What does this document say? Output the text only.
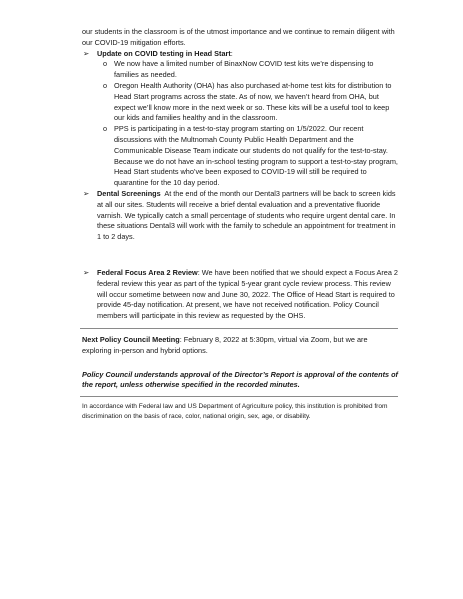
our students in the classroom is of the utmost importance and we continue to remain diligent with our COVID-19 mitigation efforts.

➢ Update on COVID testing in Head Start:

o We now have a limited number of BinaxNow COVID test kits we’re dispensing to families as needed.
o Oregon Health Authority (OHA) has also purchased at-home test kits for distribution to Head Start programs across the state. As of now, we haven’t heard from OHA, but expect we’ll know more in the next week or so. These kits will be a useful tool to keep our kids and families healthy and in the classroom.
o PPS is participating in a test-to-stay program starting on 1/5/2022. Our recent discussions with the Multnomah County Public Health Department and the Communicable Disease Team indicate our students do not qualify for the test-to-stay. Because we do not have an in-school testing program to support a test-to-stay program, Head Start students who’ve been exposed to COVID-19 will still be required to quarantine for the 10 day period.
➢ Dental Screenings At the end of the month our Dental3 partners will be back to screen kids at all our sites. Students will receive a brief dental evaluation and a preventative fluoride varnish. We typically catch a small percentage of students who require urgent dental care. In these situations Dental3 will work with the family to schedule an appointment for treatment in 1 to 2 days.

➢ Federal Focus Area 2 Review: We have been notified that we should expect a Focus Area 2 federal review this year as part of the typical 5-year grant cycle review process. This review will occur sometime between now and June 30, 2022. The Office of Head Start is required to provide 45-day notification. At present, we have not received notification. Policy Council members will participate in this review as requested by the OHS.

Next Policy Council Meeting: February 8, 2022 at 5:30pm, virtual via Zoom, but we are exploring in-person and hybrid options.

Policy Council understands approval of the Director’s Report is approval of the contents of the report, unless otherwise specified in the recorded minutes.

In accordance with Federal law and US Department of Agriculture policy, this institution is prohibited from discrimination on the basis of race, color, national origin, sex, age, or disability.
